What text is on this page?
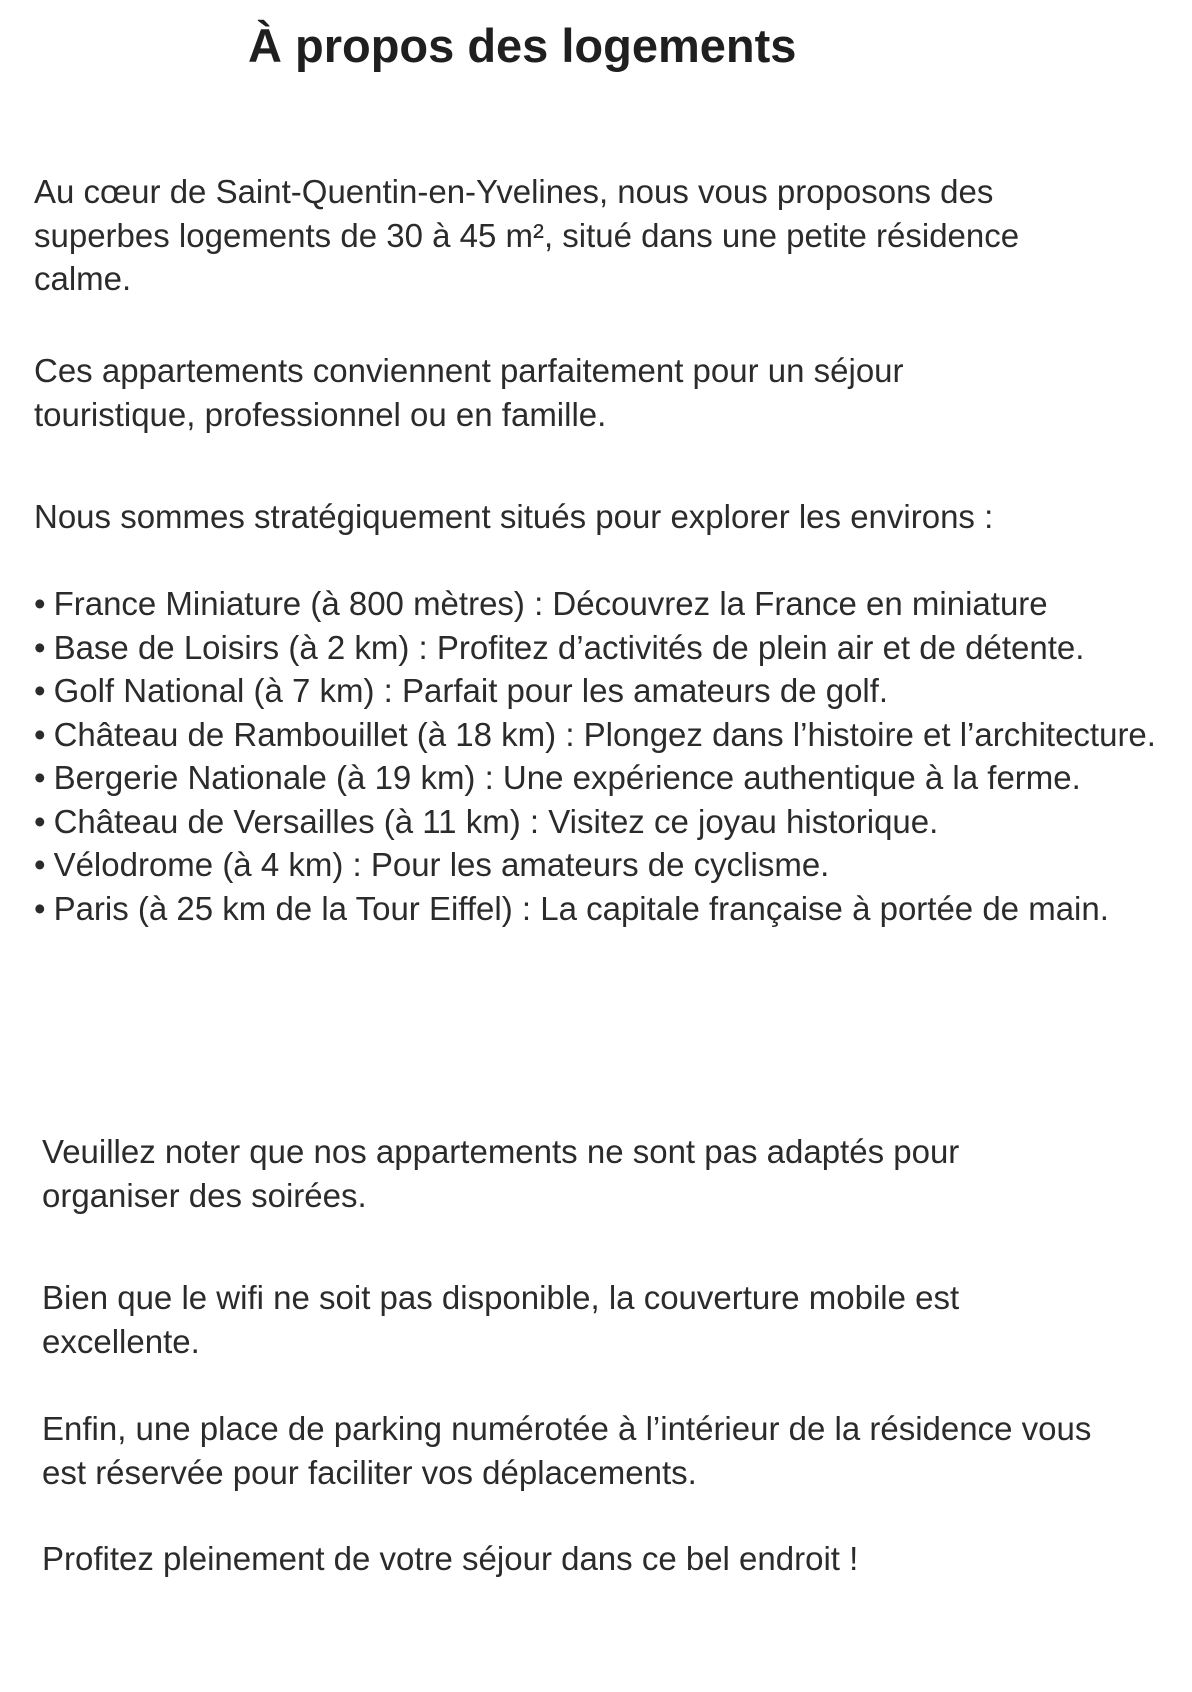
À propos des logements

Au cœur de Saint-Quentin-en-Yvelines, nous vous proposons des superbes logements de 30 à 45 m², situé dans une petite résidence calme.

Ces appartements conviennent parfaitement pour un séjour touristique, professionnel ou en famille.

Nous sommes stratégiquement situés pour explorer les environs :

• France Miniature (à 800 mètres) : Découvrez la France en miniature
• Base de Loisirs (à 2 km) : Profitez d’activités de plein air et de détente.
• Golf National (à 7 km) : Parfait pour les amateurs de golf.
• Château de Rambouillet (à 18 km) : Plongez dans l’histoire et l’architecture.
• Bergerie Nationale (à 19 km) : Une expérience authentique à la ferme.
• Château de Versailles (à 11 km) : Visitez ce joyau historique.
• Vélodrome (à 4 km) : Pour les amateurs de cyclisme.
• Paris (à 25 km de la Tour Eiffel) : La capitale française à portée de main.

Veuillez noter que nos appartements ne sont pas adaptés pour organiser des soirées.

Bien que le wifi ne soit pas disponible, la couverture mobile est excellente.

Enfin, une place de parking numérotée à l’intérieur de la résidence vous est réservée pour faciliter vos déplacements.

Profitez pleinement de votre séjour dans ce bel endroit !
